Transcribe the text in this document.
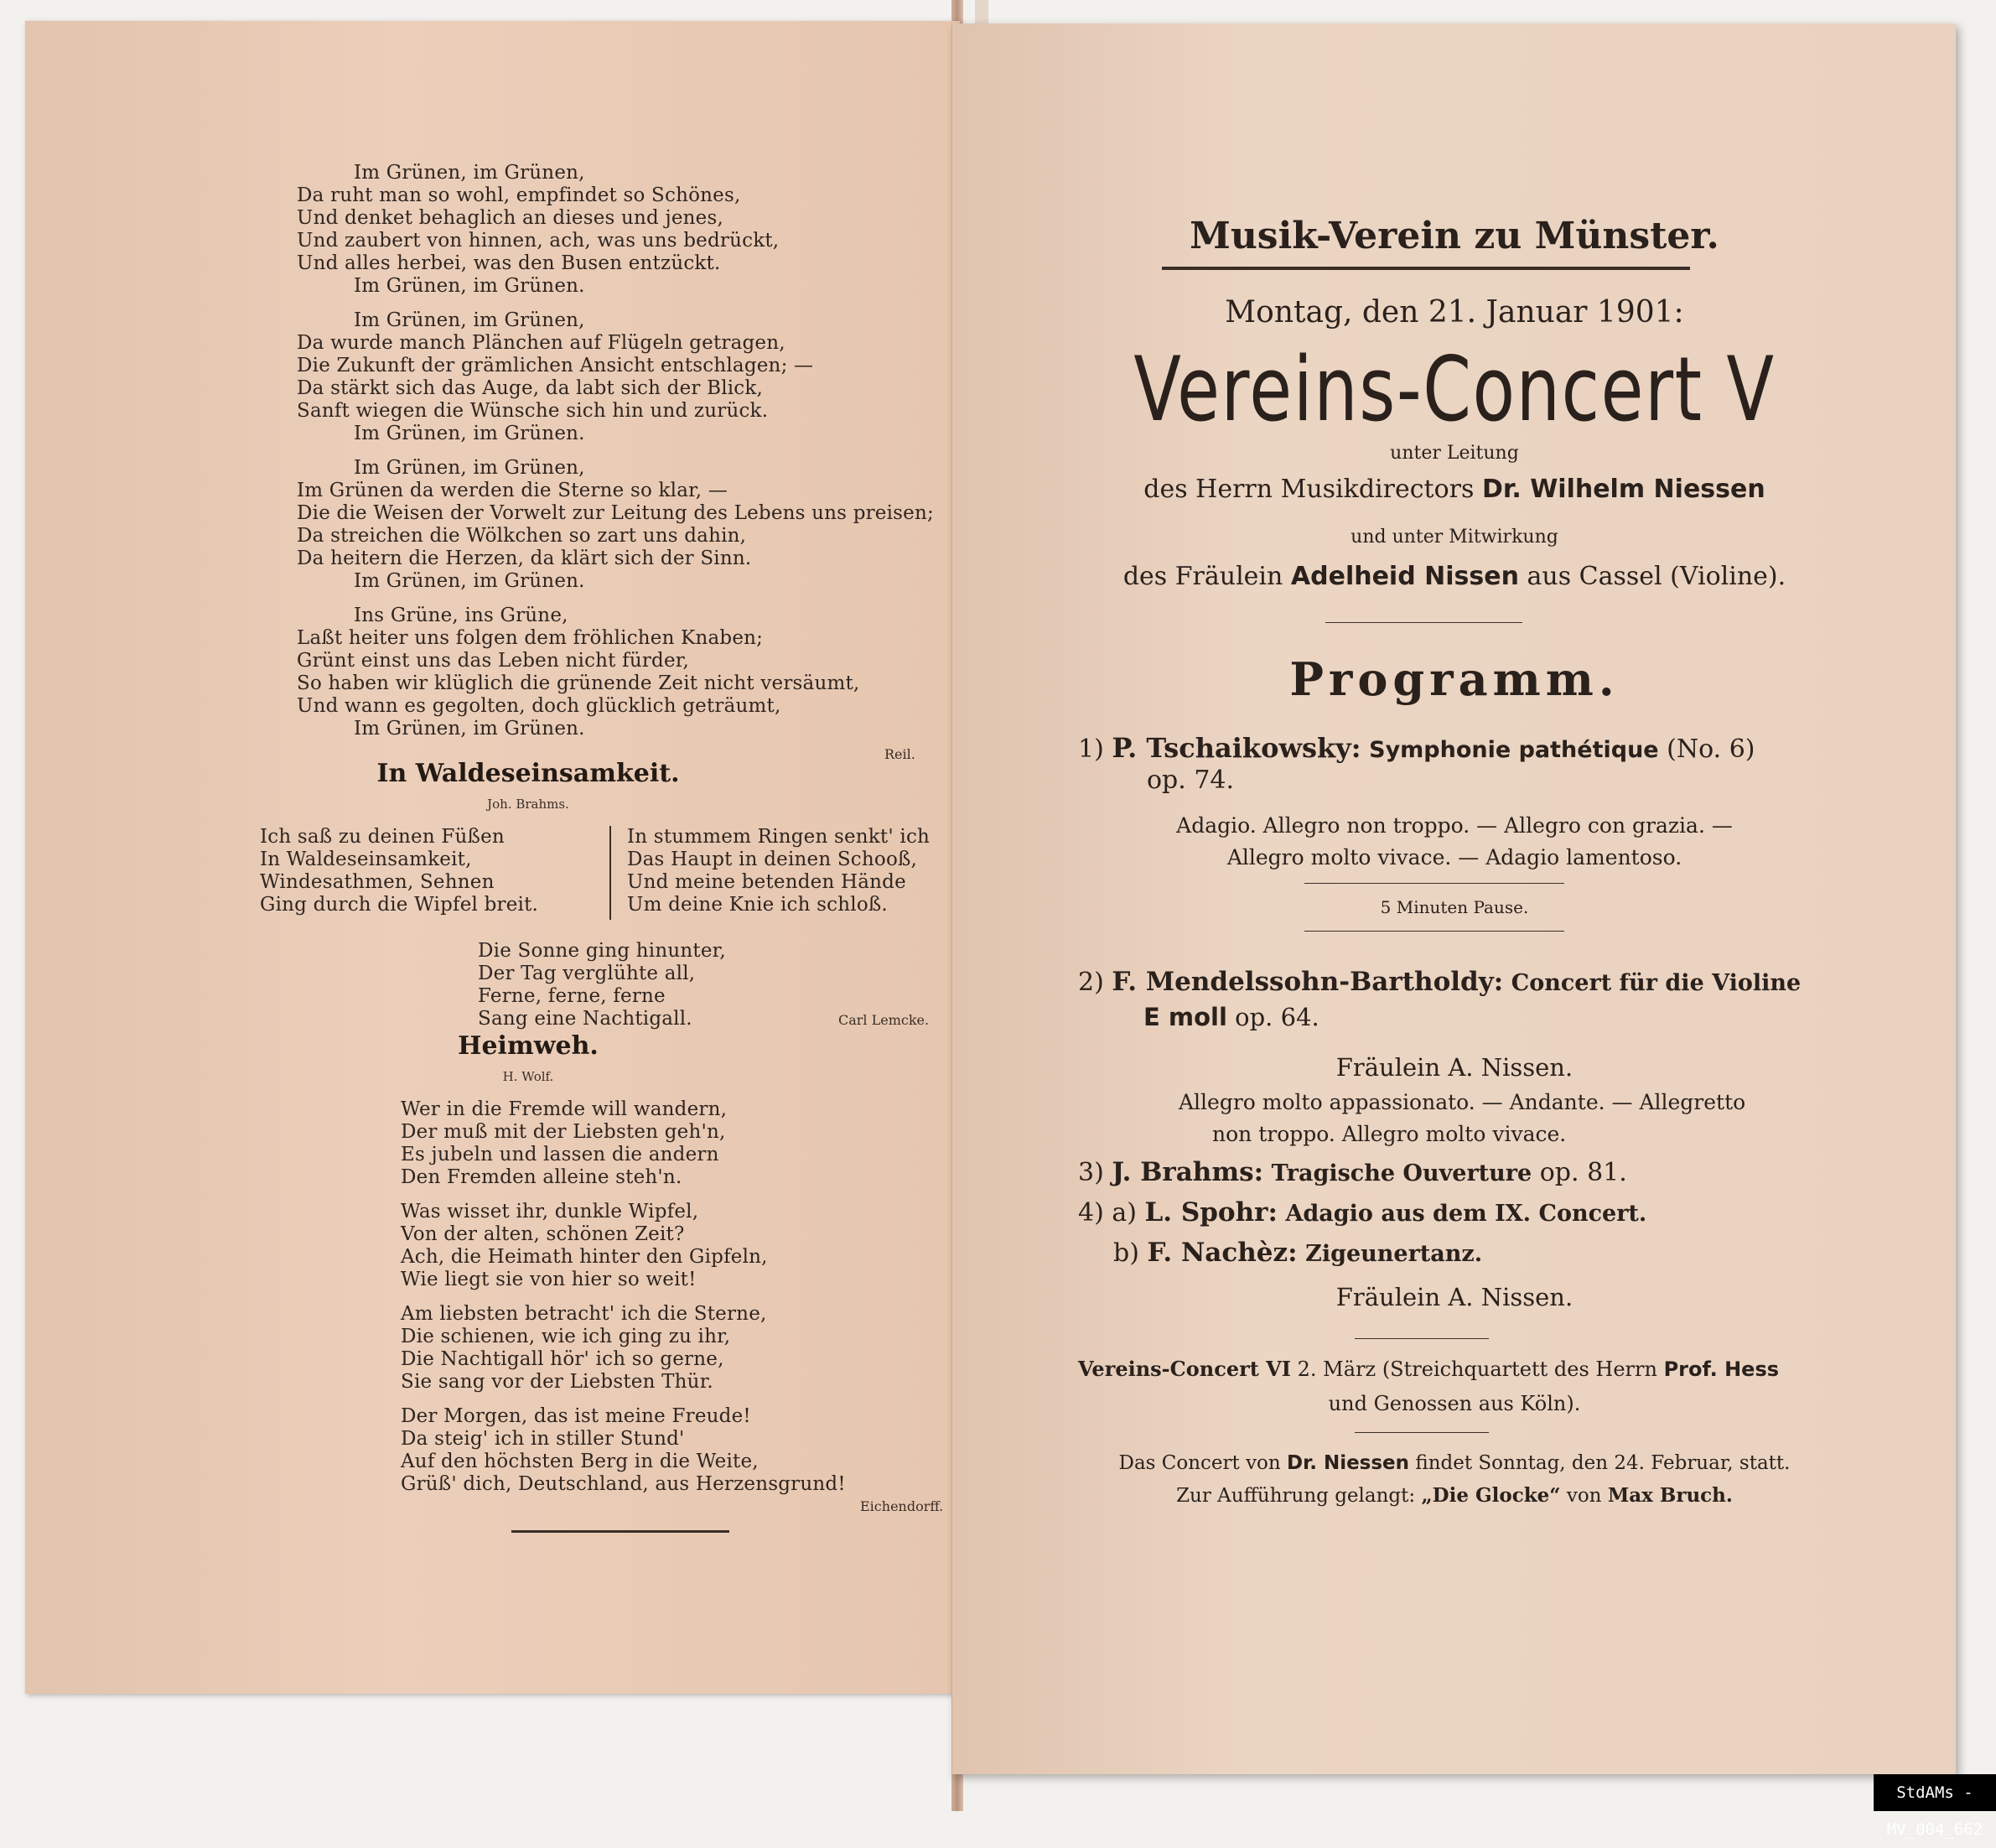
Im Grünen, im Grünen,
Da ruht man so wohl, empfindet so Schönes,
Und denket behaglich an dieses und jenes,
Und zaubert von hinnen, ach, was uns bedrückt,
Und alles herbei, was den Busen entzückt.
Im Grünen, im Grünen.
Im Grünen, im Grünen,
Da wurde manch Plänchen auf Flügeln getragen,
Die Zukunft der grämlichen Ansicht entschlagen; —
Da stärkt sich das Auge, da labt sich der Blick,
Sanft wiegen die Wünsche sich hin und zurück.
Im Grünen, im Grünen.
Im Grünen, im Grünen,
Im Grünen da werden die Sterne so klar, —
Die die Weisen der Vorwelt zur Leitung des Lebens uns preisen;
Da streichen die Wölkchen so zart uns dahin,
Da heitern die Herzen, da klärt sich der Sinn.
Im Grünen, im Grünen.
Ins Grüne, ins Grüne,
Laßt heiter uns folgen dem fröhlichen Knaben;
Grünt einst uns das Leben nicht fürder,
So haben wir klüglich die grünende Zeit nicht versäumt,
Und wann es gegolten, doch glücklich geträumt,
Im Grünen, im Grünen.
Reil.
In Waldeseinsamkeit.
Joh. Brahms.
Ich saß zu deinen Füßen
In Waldeseinsamkeit,
Windesathmen, Sehnen
Ging durch die Wipfel breit.
In stummem Ringen senkt' ich
Das Haupt in deinen Schooß,
Und meine betenden Hände
Um deine Knie ich schloß.
Die Sonne ging hinunter,
Der Tag verglühte all,
Ferne, ferne, ferne
Sang eine Nachtigall.	Carl Lemcke.
Heimweh.
H. Wolf.
Wer in die Fremde will wandern,
Der muß mit der Liebsten geh'n,
Es jubeln und lassen die andern
Den Fremden alleine steh'n.
Was wisset ihr, dunkle Wipfel,
Von der alten, schönen Zeit?
Ach, die Heimath hinter den Gipfeln,
Wie liegt sie von hier so weit!
Am liebsten betracht' ich die Sterne,
Die schienen, wie ich ging zu ihr,
Die Nachtigall hör' ich so gerne,
Sie sang vor der Liebsten Thür.
Der Morgen, das ist meine Freude!
Da steig' ich in stiller Stund'
Auf den höchsten Berg in die Weite,
Grüß' dich, Deutschland, aus Herzensgrund!
Eichendorff.
Musik-Verein zu Münster.
Montag, den 21. Januar 1901:
Vereins-Concert V
unter Leitung
des Herrn Musikdirectors Dr. Wilhelm Niessen
und unter Mitwirkung
des Fräulein Adelheid Nissen aus Cassel (Violine).
Programm.
1) P. Tschaikowsky: Symphonie pathétique (No. 6)
op. 74.
Adagio. Allegro non troppo. — Allegro con grazia. —
Allegro molto vivace. — Adagio lamentoso.
5 Minuten Pause.
2) F. Mendelssohn-Bartholdy: Concert für die Violine
E moll op. 64.
Fräulein A. Nissen.
Allegro molto appassionato. — Andante. — Allegretto
non troppo. Allegro molto vivace.
3) J. Brahms: Tragische Ouverture op. 81.
4) a) L. Spohr: Adagio aus dem IX. Concert.
b) F. Nachèz: Zigeunertanz.
Fräulein A. Nissen.
Vereins-Concert VI 2. März (Streichquartett des Herrn Prof. Hess
und Genossen aus Köln).
Das Concert von Dr. Niessen findet Sonntag, den 24. Februar, statt.
Zur Aufführung gelangt: „Die Glocke“ von Max Bruch.
StdAMs - MV_004_662
